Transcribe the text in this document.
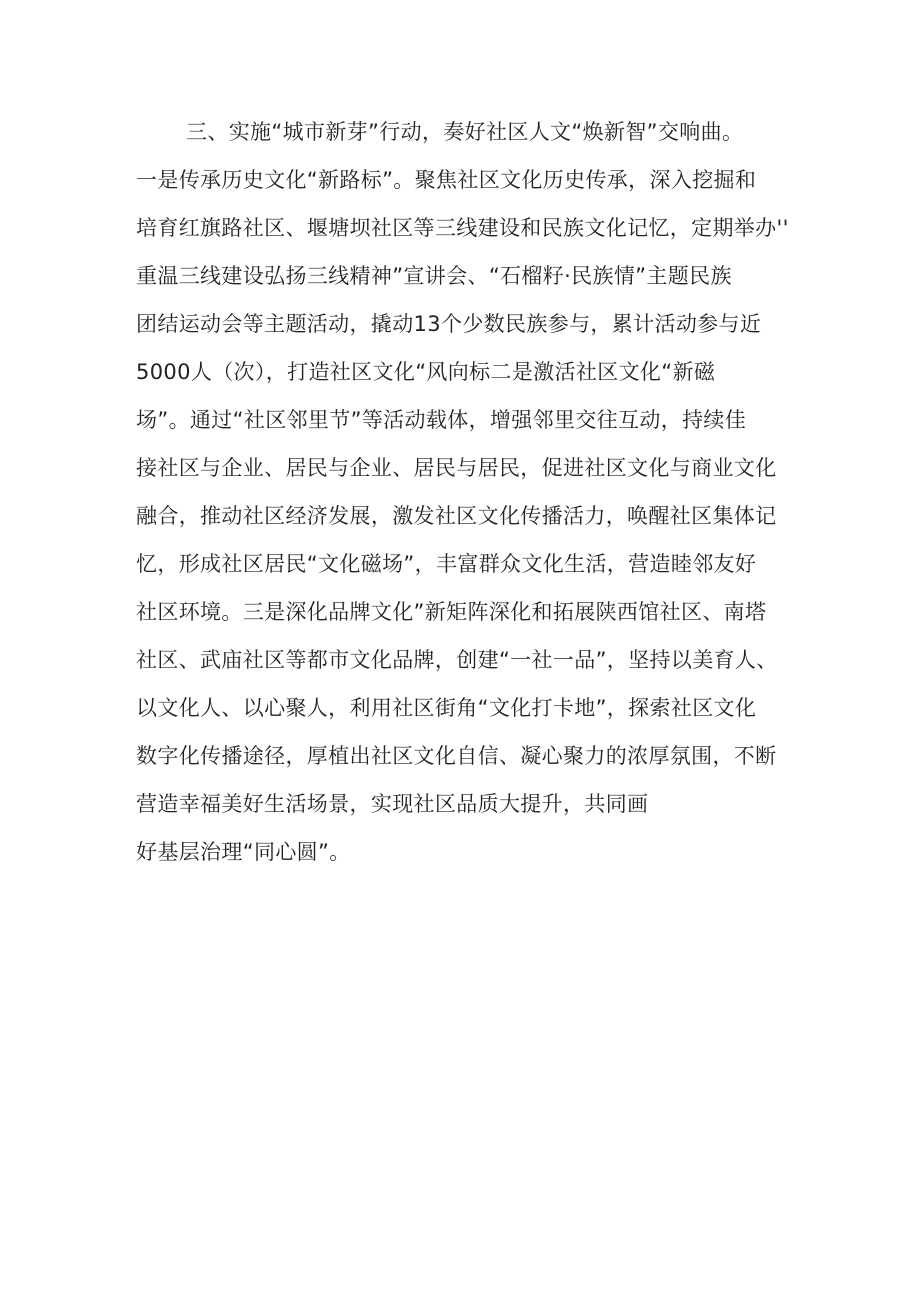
三、实施“城市新芽”行动，奏好社区人文“焕新智”交响曲。
一是传承历史文化“新路标”。聚焦社区文化历史传承，深入挖掘和
培育红旗路社区、堰塘坝社区等三线建设和民族文化记忆，定期举办''
重温三线建设弘扬三线精神”宣讲会、“石榴籽·民族情”主题民族
团结运动会等主题活动，撬动13个少数民族参与，累计活动参与近
5000人（次），打造社区文化“风向标二是激活社区文化“新磁
场”。通过“社区邻里节”等活动载体，增强邻里交往互动，持续佳
接社区与企业、居民与企业、居民与居民，促进社区文化与商业文化
融合，推动社区经济发展，激发社区文化传播活力，唤醒社区集体记
忆，形成社区居民“文化磁场”，丰富群众文化生活，营造睦邻友好
社区环境。三是深化品牌文化”新矩阵深化和拓展陕西馆社区、南塔
社区、武庙社区等都市文化品牌，创建“一社一品”，坚持以美育人、
以文化人、以心聚人，利用社区街角“文化打卡地”，探索社区文化
数字化传播途径，厚植出社区文化自信、凝心聚力的浓厚氛围，不断
营造幸福美好生活场景，实现社区品质大提升，共同画
好基层治理“同心圆”。
